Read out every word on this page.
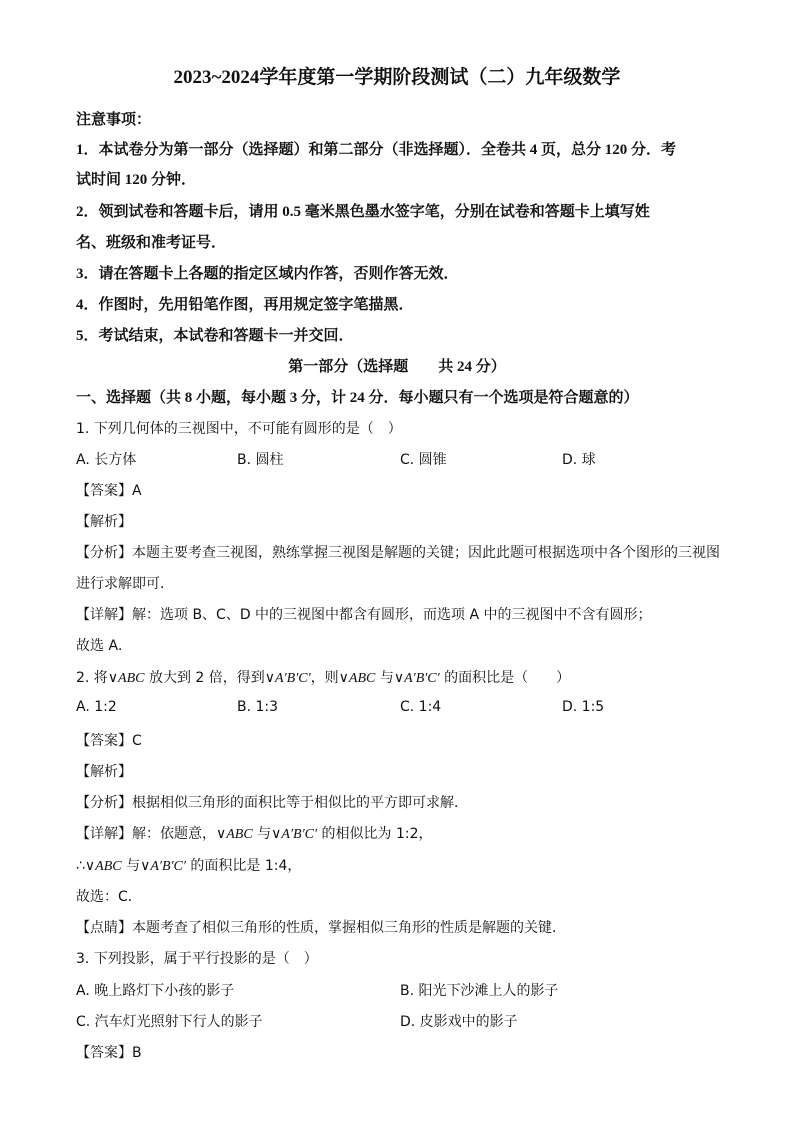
2023~2024学年度第一学期阶段测试（二）九年级数学
注意事项：
1．本试卷分为第一部分（选择题）和第二部分（非选择题）．全卷共 4 页，总分 120 分．考
试时间 120 分钟．
2．领到试卷和答题卡后，请用 0.5 毫米黑色墨水签字笔，分别在试卷和答题卡上填写姓
名、班级和准考证号．
3．请在答题卡上各题的指定区域内作答，否则作答无效．
4．作图时，先用铅笔作图，再用规定签字笔描黑．
5．考试结束，本试卷和答题卡一并交回．
第一部分（选择题　　共 24 分）
一、选择题（共 8 小题，每小题 3 分，计 24 分．每小题只有一个选项是符合题意的）
1. 下列几何体的三视图中，不可能有圆形的是（　）
A. 长方体	B. 圆柱	C. 圆锥	D. 球
【答案】A
【解析】
【分析】本题主要考查三视图，熟练掌握三视图是解题的关键；因此此题可根据选项中各个图形的三视图
进行求解即可．
【详解】解：选项 B、C、D 中的三视图中都含有圆形，而选项 A 中的三视图中不含有圆形；
故选 A．
2. 将∨ABC 放大到 2 倍，得到∨A′B′C′，则∨ABC 与∨A′B′C′ 的面积比是（　　）
A. 1:2	B. 1:3	C. 1:4	D. 1:5
【答案】C
【解析】
【分析】根据相似三角形的面积比等于相似比的平方即可求解．
【详解】解：依题意，∨ABC 与∨A′B′C′ 的相似比为 1:2，
∴∨ABC 与∨A′B′C′ 的面积比是 1:4，
故选：C．
【点睛】本题考查了相似三角形的性质，掌握相似三角形的性质是解题的关键．
3. 下列投影，属于平行投影的是（　）
A. 晚上路灯下小孩的影子	B. 阳光下沙滩上人的影子
C. 汽车灯光照射下行人的影子	D. 皮影戏中的影子
【答案】B
